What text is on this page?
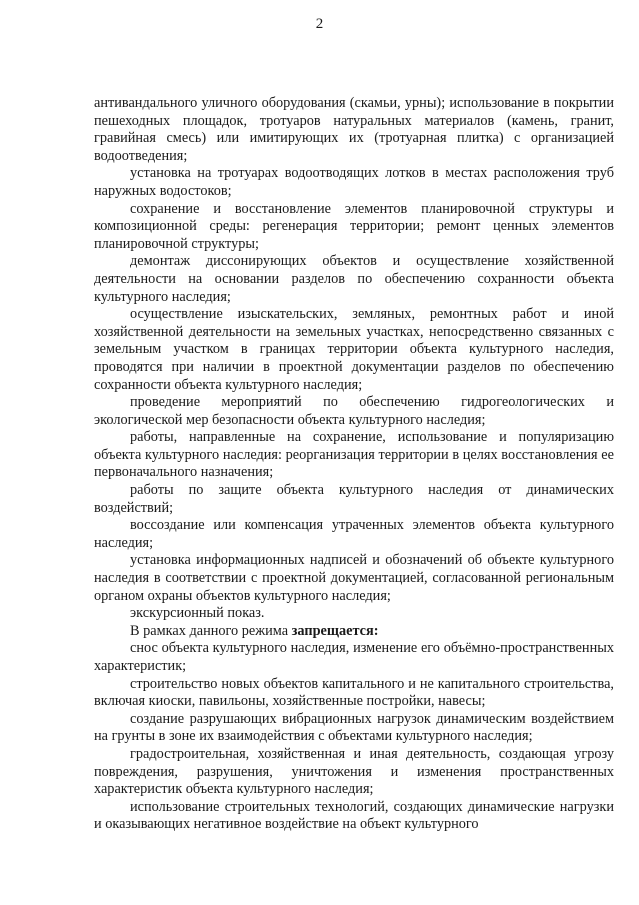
2

антивандального уличного оборудования (скамьи, урны); использование в покрытии пешеходных площадок, тротуаров натуральных материалов (камень, гранит, гравийная смесь) или имитирующих их (тротуарная плитка) с организацией водоотведения;

установка на тротуарах водоотводящих лотков в местах расположения труб наружных водостоков;

сохранение и восстановление элементов планировочной структуры и композиционной среды: регенерация территории; ремонт ценных элементов планировочной структуры;

демонтаж диссонирующих объектов и осуществление хозяйственной деятельности на основании разделов по обеспечению сохранности объекта культурного наследия;

осуществление изыскательских, земляных, ремонтных работ и иной хозяйственной деятельности на земельных участках, непосредственно связанных с земельным участком в границах территории объекта культурного наследия, проводятся при наличии в проектной документации разделов по обеспечению сохранности объекта культурного наследия;

проведение мероприятий по обеспечению гидрогеологических и экологической мер безопасности объекта культурного наследия;

работы, направленные на сохранение, использование и популяризацию объекта культурного наследия: реорганизация территории в целях восстановления ее первоначального назначения;

работы по защите объекта культурного наследия от динамических воздействий;

воссоздание или компенсация утраченных элементов объекта культурного наследия;

установка информационных надписей и обозначений об объекте культурного наследия в соответствии с проектной документацией, согласованной региональным органом охраны объектов культурного наследия;

экскурсионный показ.

В рамках данного режима запрещается:

снос объекта культурного наследия, изменение его объёмно-пространственных характеристик;

строительство новых объектов капитального и не капитального строительства, включая киоски, павильоны, хозяйственные постройки, навесы;

создание разрушающих вибрационных нагрузок динамическим воздействием на грунты в зоне их взаимодействия с объектами культурного наследия;

градостроительная, хозяйственная и иная деятельность, создающая угрозу повреждения, разрушения, уничтожения и изменения пространственных характеристик объекта культурного наследия;

использование строительных технологий, создающих динамические нагрузки и оказывающих негативное воздействие на объект культурного
